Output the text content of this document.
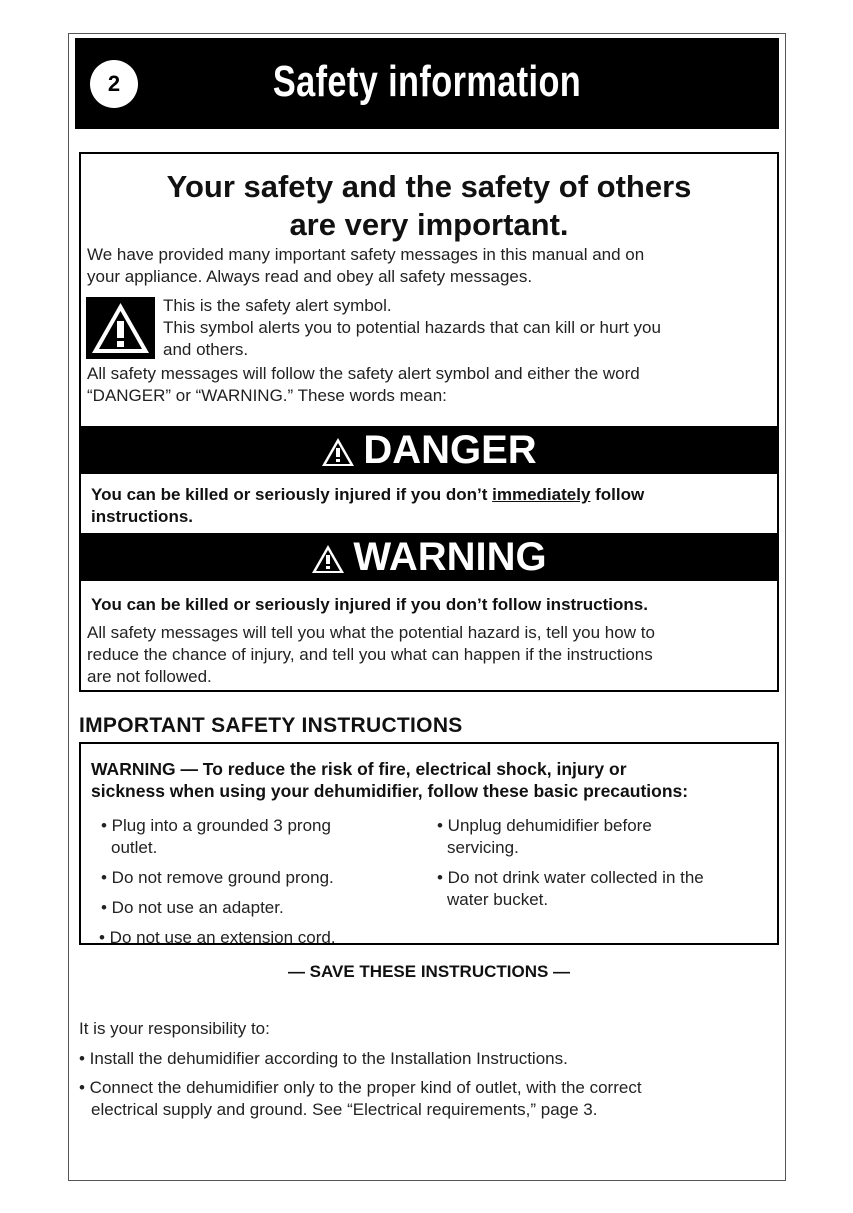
2	Safety information
Your safety and the safety of others
are very important.
We have provided many important safety messages in this manual and on
your appliance. Always read and obey all safety messages.
This is the safety alert symbol.
This symbol alerts you to potential hazards that can kill or hurt you
and others.
All safety messages will follow the safety alert symbol and either the word
“DANGER” or “WARNING.” These words mean:
DANGER
You can be killed or seriously injured if you don’t immediately follow
instructions.
WARNING
You can be killed or seriously injured if you don’t follow instructions.
All safety messages will tell you what the potential hazard is, tell you how to
reduce the chance of injury, and tell you what can happen if the instructions
are not followed.
IMPORTANT SAFETY INSTRUCTIONS
WARNING — To reduce the risk of fire, electrical shock, injury or
sickness when using your dehumidifier, follow these basic precautions:
• Plug into a grounded 3 prong
outlet.
• Do not remove ground prong.
• Do not use an adapter.
• Unplug dehumidifier before
servicing.
• Do not drink water collected in the
water bucket.
• Do not use an extension cord.
— SAVE THESE INSTRUCTIONS —
It is your responsibility to:
• Install the dehumidifier according to the Installation Instructions.
• Connect the dehumidifier only to the proper kind of outlet, with the correct
electrical supply and ground. See “Electrical requirements,” page 3.
